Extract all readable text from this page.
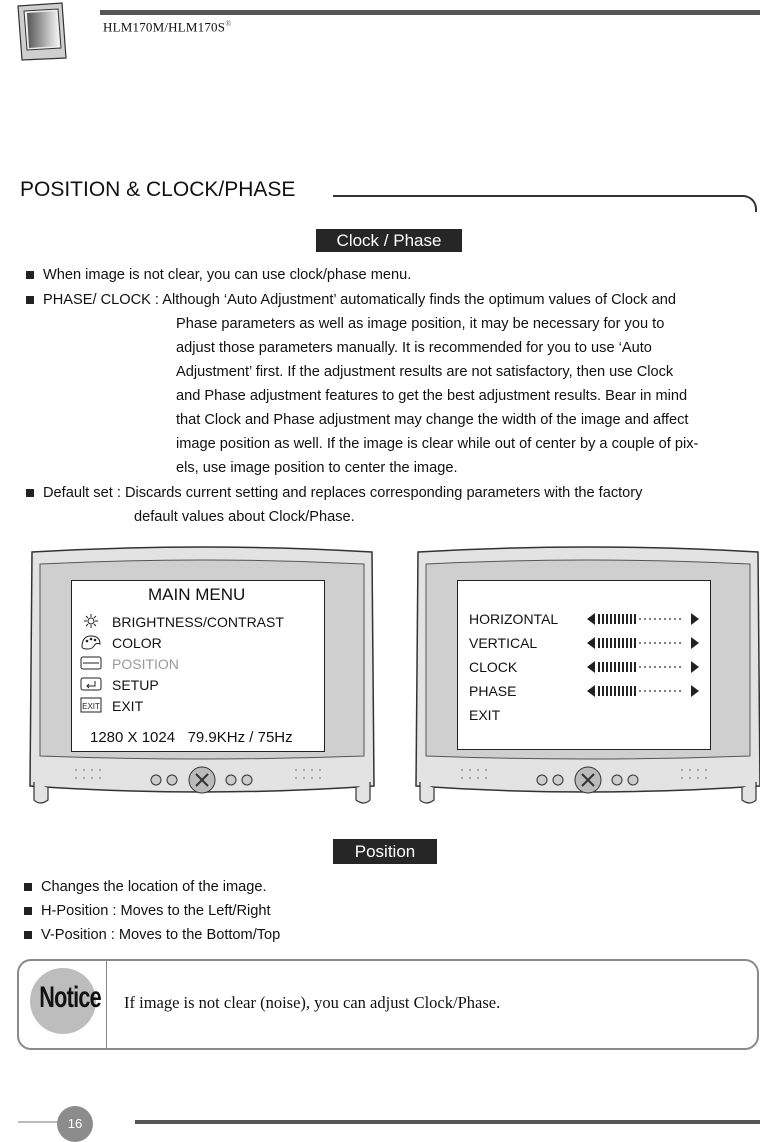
HLM170M/HLM170S®
POSITION & CLOCK/PHASE
Clock / Phase
When image is not clear, you can use clock/phase menu.
PHASE/ CLOCK : Although ‘Auto Adjustment’ automatically finds the optimum values of Clock and
Phase parameters as well as image position, it may be necessary for you to
adjust those parameters manually. It is recommended for you to use ‘Auto
Adjustment’ first. If the adjustment results are not satisfactory, then use Clock
and Phase adjustment features to get the best adjustment results. Bear in mind
that Clock and Phase adjustment may change the width of the image and affect
image position as well. If the image is clear while out of center by a couple of pix-
els, use image position to center the image.
Default set : Discards current setting and replaces corresponding parameters with the factory
default values about Clock/Phase.
MAIN MENU
BRIGHTNESS/CONTRAST
COLOR
POSITION
SETUP
EXIT EXIT
1280 X 1024   79.9KHz / 75Hz
HORIZONTAL
VERTICAL
CLOCK
PHASE
EXIT
Position
Changes the location of the image.
H-Position : Moves to the Left/Right
V-Position : Moves to the Bottom/Top
Notice If image is not clear (noise), you can adjust Clock/Phase.
16
